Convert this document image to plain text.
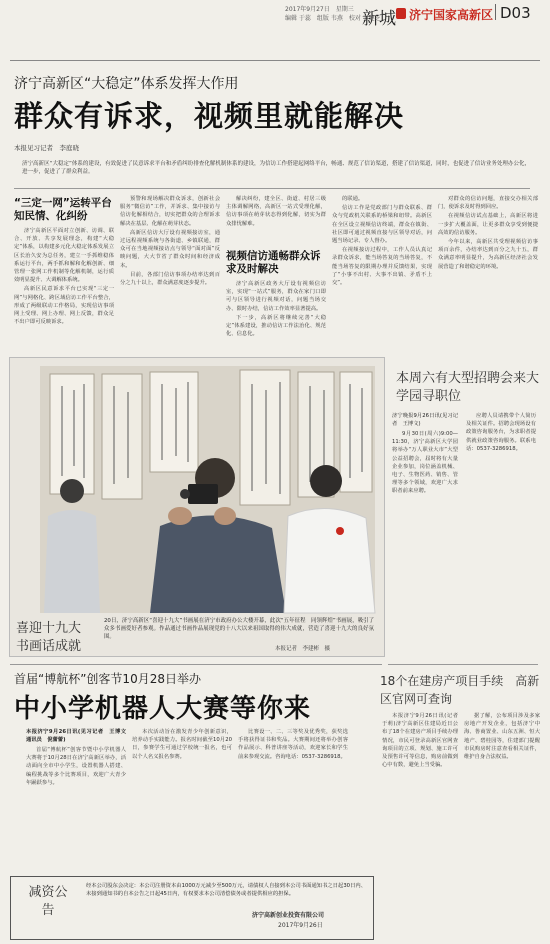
2017年9月27日　星期三
编辑 于蕊　组版 韦燕　校对 王建芝
新城 济宁国家高新区 D03
济宁高新区“大稳定”体系发挥大作用
群众有诉求，视频里就能解决
本报见习记者　李庭晓
济宁高新区“大稳定”体系的建设，有效促进了民意诉求平台和矛盾纠纷排查化解机制体系的建设，为信访工作搭建起网络平台，畅通、规范了信访渠道，搭建了信访渠道，同时，也促进了信访业务处理办公化，进一步，促进了了群众利益。
“三定一网”运转平台知民情、化纠纷

济宁高新区平面对立创新、访调、联合、开放、共享发展理念，构建“大稳定”体系，以构建多元化大稳定体系发展立区长治久安为总任务，建立一手抓维稳体系运行平台，两手抓和解和化解创新、细管理一张网工作机制等化解机制，运行质效明显提升、大调解体系统。

高新区民意诉求平台已实现“三定一网”与网格化、跨区域信访工作平台整合，形成了两级联动工作格局，实现信访事项网上受理、网上办理、网上反馈，群众足不出户即可反映诉求。

预警和现场解决群众诉求，创新社会服务“微信访”工作，并诉求、集中接访与信访化解相结合，切实把群众的合理诉求解决在基层、化解在萌芽状态。

高新区信访大厅设有视频接访室，通过远程视频系统与各街道、乡镇联通，群众可在当地视频接访点与领导“面对面”反映问题，大大节省了群众时间和经济成本。

目前，各部门信访事项办结率达到百分之九十以上，群众满意度逐步提升。

解决纠纷，建全区、街道、村居三级主体调解网络，高新区一站式受理化解，信访事项在萌芽状态得到化解，切实为群众排忧解难。

视频信访通畅群众诉求及时解决

济宁高新区政务大厅设有视频信访室，实现“一站式”服务，群众在家门口即可与区领导进行视频对话，问题当场交办、限时办结，信访工作效率显著提高。

下一步，高新区将继续完善“大稳定”体系建设，推动信访工作法治化、规范化、信息化。

的联通。

信访工作是党政部门与群众联系、群众与党政机关联系的桥梁和纽带。高新区在全区设立视频信访终端，群众在镇街、社区即可通过视频直接与区领导对话，问题当场记录、专人督办。

在视频接访过程中，工作人员认真记录群众诉求，能当场答复的当场答复，不能当场答复的限期办理并反馈结果，实现了“小事不出村、大事不出镇、矛盾不上交”。

对群众的信访问题，直接交办相关部门，使诉求及时得到回应。

在视频信访试点基础上，高新区将进一步扩大覆盖面，让更多群众享受到便捷高效的信访服务。

今年以来，高新区共受理视频信访事项百余件，办结率达到百分之九十五，群众满意率明显提升，为高新区经济社会发展营造了和谐稳定的环境。

喜迎十九大　书画话成就
20日，济宁高新区“喜迎十九大”书画展在济宁市政府办公大楼开幕，此次“五年征程　同领辉煌”书画展，吸引了众多书画爱好者参观。作品通过书画作品展现党的十八大以来祖国取得的伟大成就，营造了喜迎十九大的良好氛围。
本报记者　李建彬　摄
本周六有大型招聘会来大学园寻职位
济宁晚报9月26日讯(见习记者　王博文)

9月30日(周六)9:00—11:30，济宁高新区大学园将举办“万人职业大市”大型公益招聘会，届时将有大量企业参加，岗位涵盖机械、电子、生物医药、销售、管理等多个领域，欢迎广大求职者前来应聘。

应聘人员请携带个人简历及相关证件。招聘会现场设有政策咨询服务台，为求职者提供就业政策咨询服务。联系电话：0537-3286918。

首届“博航杯”创客节10月28日举办
中小学机器人大赛等你来
本报济宁9月26日讯(见习记者　王博文　通讯员　倪蕾蕾)

首届“博航杯”创客节暨中小学机器人大赛将于10月28日在济宁高新区举办，活动面向全市中小学生，设置机器人搭建、编程挑战等多个比赛项目，欢迎广大青少年踊跃参与。

本次活动旨在激发青少年创新意识，培养动手实践能力。报名时间截至10月20日，参赛学生可通过学校统一报名，也可以个人名义报名参赛。

比赛设一、二、三等奖及优秀奖，获奖选手将获得证书和奖品。大赛期间还将举办创客作品展示、科普讲座等活动，欢迎家长和学生前来参观交流。咨询电话：0537-3286918。

18个在建房产项目手续　高新区官网可查询

本报济宁9月26日讯(记者　于莉)济宁高新区住建局近日公布了18个在建房产项目手续办理情况，市民可登录高新区官网查询项目的立项、规划、施工许可及预售许可等信息，购房前做到心中有数，避免上当受骗。

据了解，公布项目涉及多家房地产开发企业，包括济宁中海、鲁商置业、山东五洲、恒大地产、碧桂园等，住建部门提醒市民购房时注意查看相关证件，维护自身合法权益。

减资公告
经本公司股东会决定：本公司注册资本由1000万元减少至500万元，请债权人自接到本公司书面通知书之日起30日内、未接到通知书的自本公告之日起45日内，有权要求本公司清偿债务或者提供相应的担保。
济宁高新创业投资有限公司
2017年9月26日
